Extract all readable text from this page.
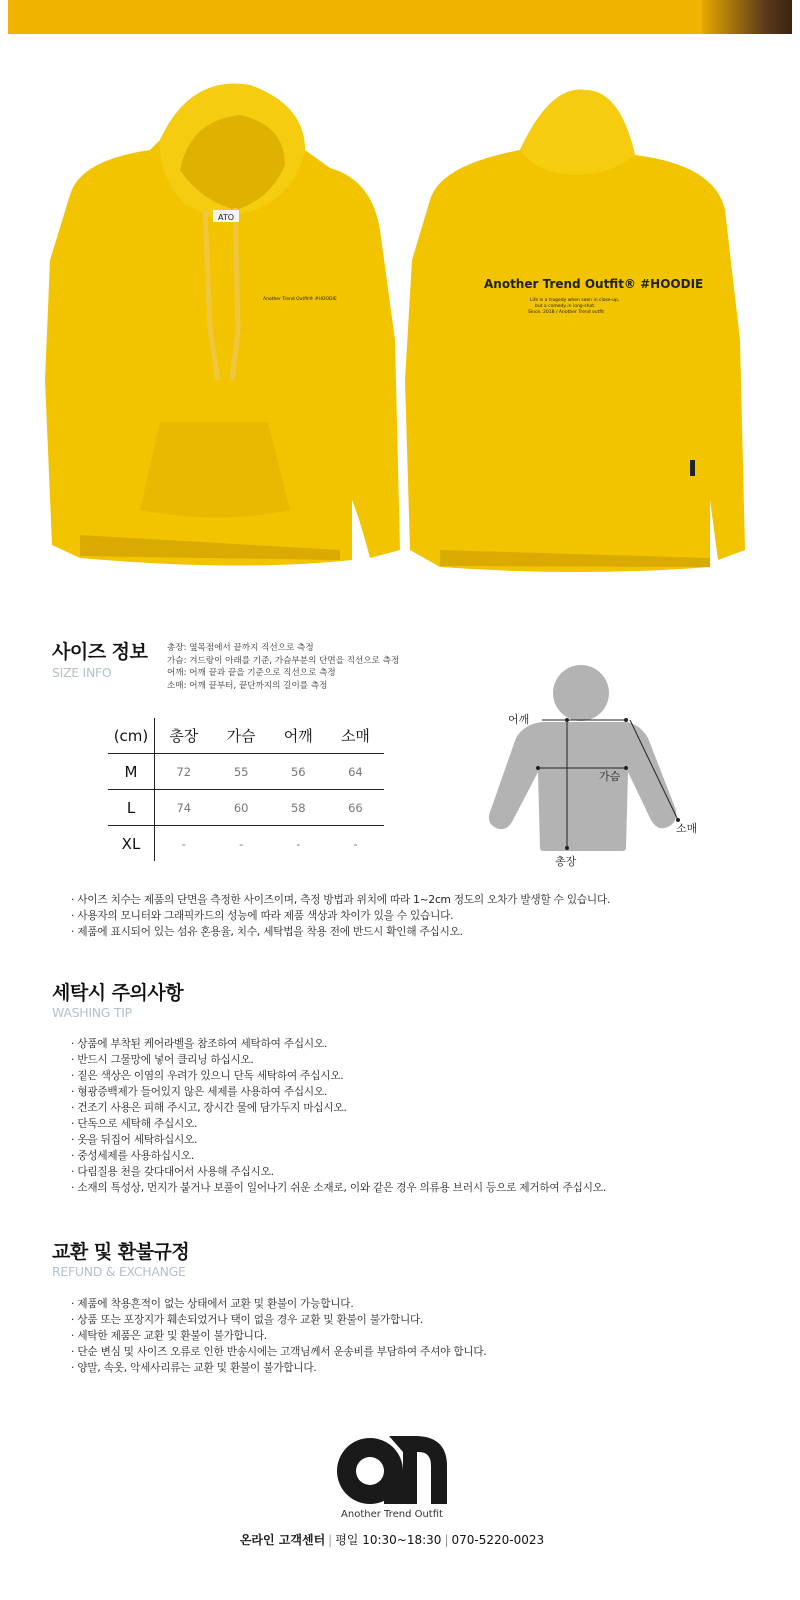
ATO
Another Trend Outfit® #HOODIE
Another Trend Outfit® #HOODIE
Life is a tragedy when seen in close-up,
but a comedy in long-shot.
Since. 2018 / Another Trend outfit
사이즈 정보
SIZE INFO
총장: 옆목점에서 끝까지 직선으로 측정
가슴: 겨드랑이 아래를 기준, 가슴부분의 단면을 직선으로 측정
어깨: 어깨 끝과 끝을 기준으로 직선으로 측정
소매: 어깨 끝부터, 끝단까지의 길이를 측정
(cm)	총장	가슴	어깨	소매
M	72	55	56	64
L	74	60	58	66
XL	-	-	-	-
어깨
가슴
소매
총장
· 사이즈 치수는 제품의 단면을 측정한 사이즈이며, 측정 방법과 위치에 따라 1~2cm 정도의 오차가 발생할 수 있습니다.
· 사용자의 모니터와 그래픽카드의 성능에 따라 제품 색상과 차이가 있을 수 있습니다.
· 제품에 표시되어 있는 섬유 혼용율, 치수, 세탁법을 착용 전에 반드시 확인해 주십시오.
세탁시 주의사항
WASHING TIP
· 상품에 부착된 케어라벨을 참조하여 세탁하여 주십시오.
· 반드시 그물망에 넣어 클리닝 하십시오.
· 짙은 색상은 이염의 우려가 있으니 단독 세탁하여 주십시오.
· 형광증백제가 들어있지 않은 세제를 사용하여 주십시오.
· 건조기 사용은 피해 주시고, 장시간 물에 담가두지 마십시오.
· 단독으로 세탁해 주십시오.
· 옷을 뒤집어 세탁하십시오.
· 중성세제를 사용하십시오.
· 다림질용 천을 갖다대어서 사용해 주십시오.
· 소재의 특성상, 먼지가 붙거나 보풀이 일어나기 쉬운 소재로, 이와 같은 경우 의류용 브러시 등으로 제거하여 주십시오.
교환 및 환불규정
REFUND & EXCHANGE
· 제품에 착용흔적이 없는 상태에서 교환 및 환불이 가능합니다.
· 상품 또는 포장지가 훼손되었거나 택이 없을 경우 교환 및 환불이 불가합니다.
· 세탁한 제품은 교환 및 환불이 불가합니다.
· 단순 변심 및 사이즈 오류로 인한 반송시에는 고객님께서 운송비를 부담하여 주셔야 합니다.
· 양말, 속옷, 악세사리류는 교환 및 환불이 불가합니다.
Another Trend Outfit
온라인 고객센터 | 평일 10:30~18:30 | 070-5220-0023
